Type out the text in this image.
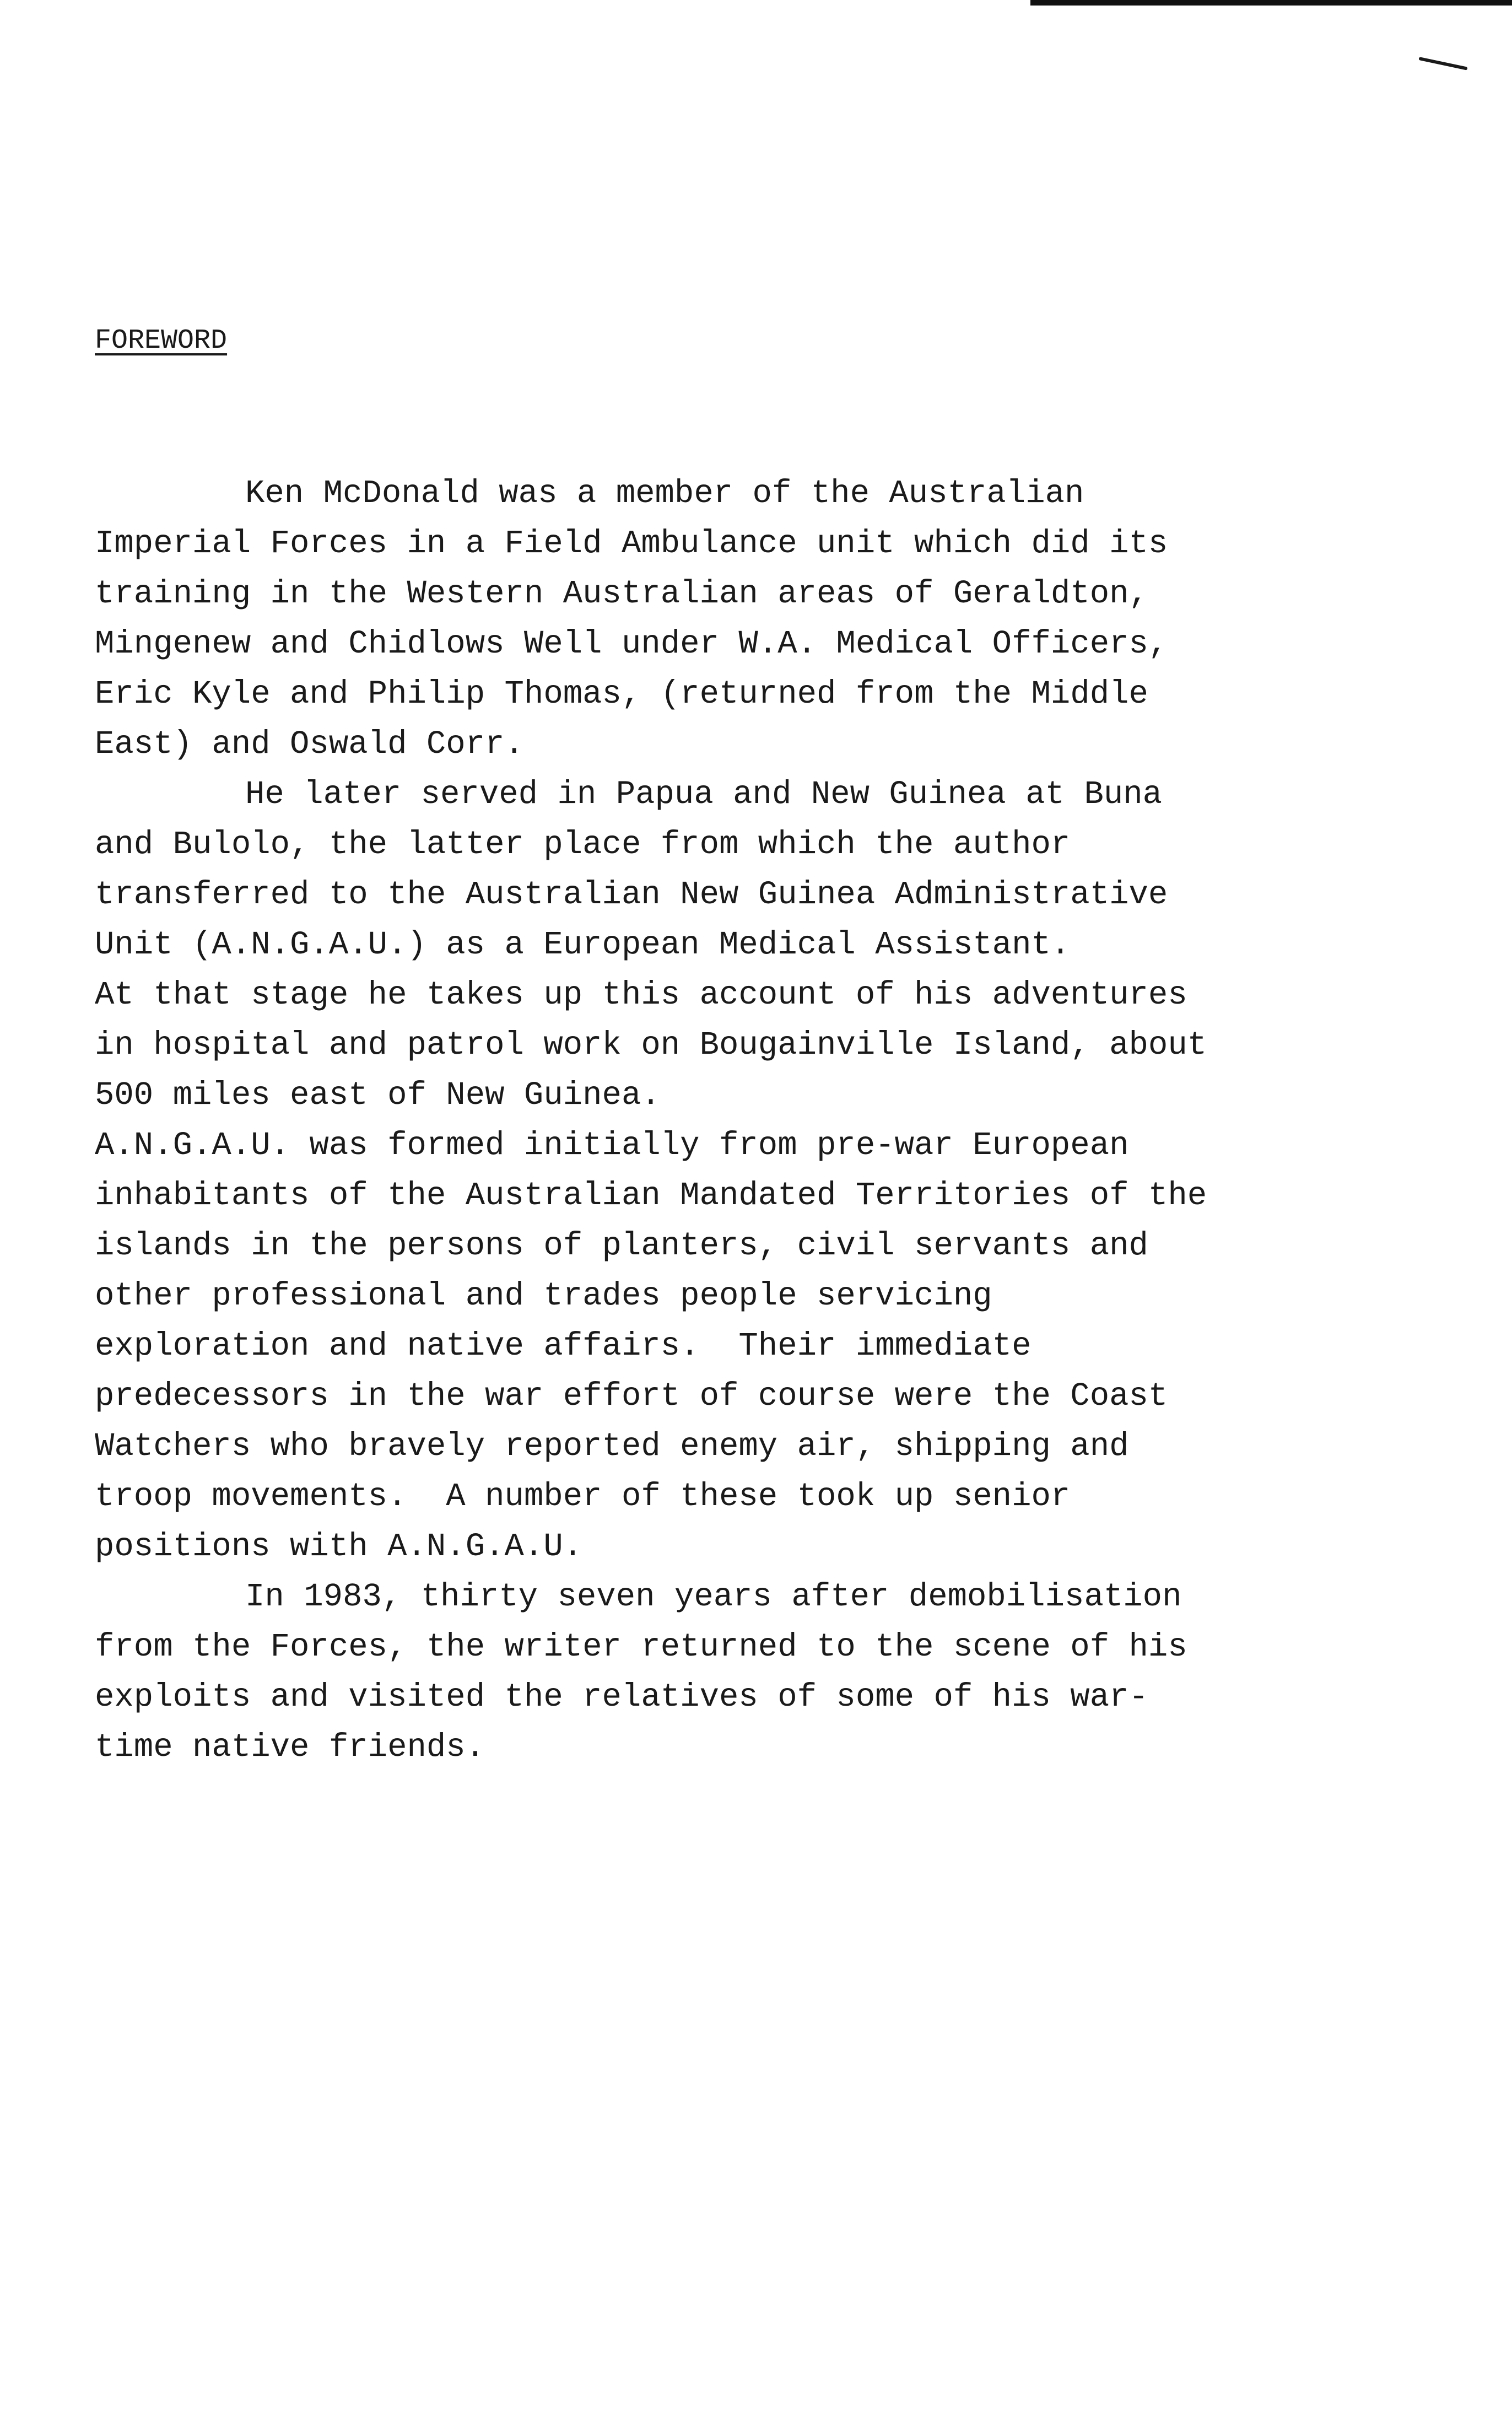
FOREWORD

Ken McDonald was a member of the Australian

Imperial Forces in a Field Ambulance unit which did its

training in the Western Australian areas of Geraldton,

Mingenew and Chidlows Well under W.A. Medical Officers,

Eric Kyle and Philip Thomas, (returned from the Middle

East) and Oswald Corr.

He later served in Papua and New Guinea at Buna

and Bulolo, the latter place from which the author

transferred to the Australian New Guinea Administrative

Unit (A.N.G.A.U.) as a European Medical Assistant.

At that stage he takes up this account of his adventures

in hospital and patrol work on Bougainville Island, about

500 miles east of New Guinea.

A.N.G.A.U. was formed initially from pre-war European

inhabitants of the Australian Mandated Territories of the

islands in the persons of planters, civil servants and

other professional and trades people servicing

exploration and native affairs.  Their immediate

predecessors in the war effort of course were the Coast

Watchers who bravely reported enemy air, shipping and

troop movements.  A number of these took up senior

positions with A.N.G.A.U.

In 1983, thirty seven years after demobilisation

from the Forces, the writer returned to the scene of his

exploits and visited the relatives of some of his war-

time native friends.
